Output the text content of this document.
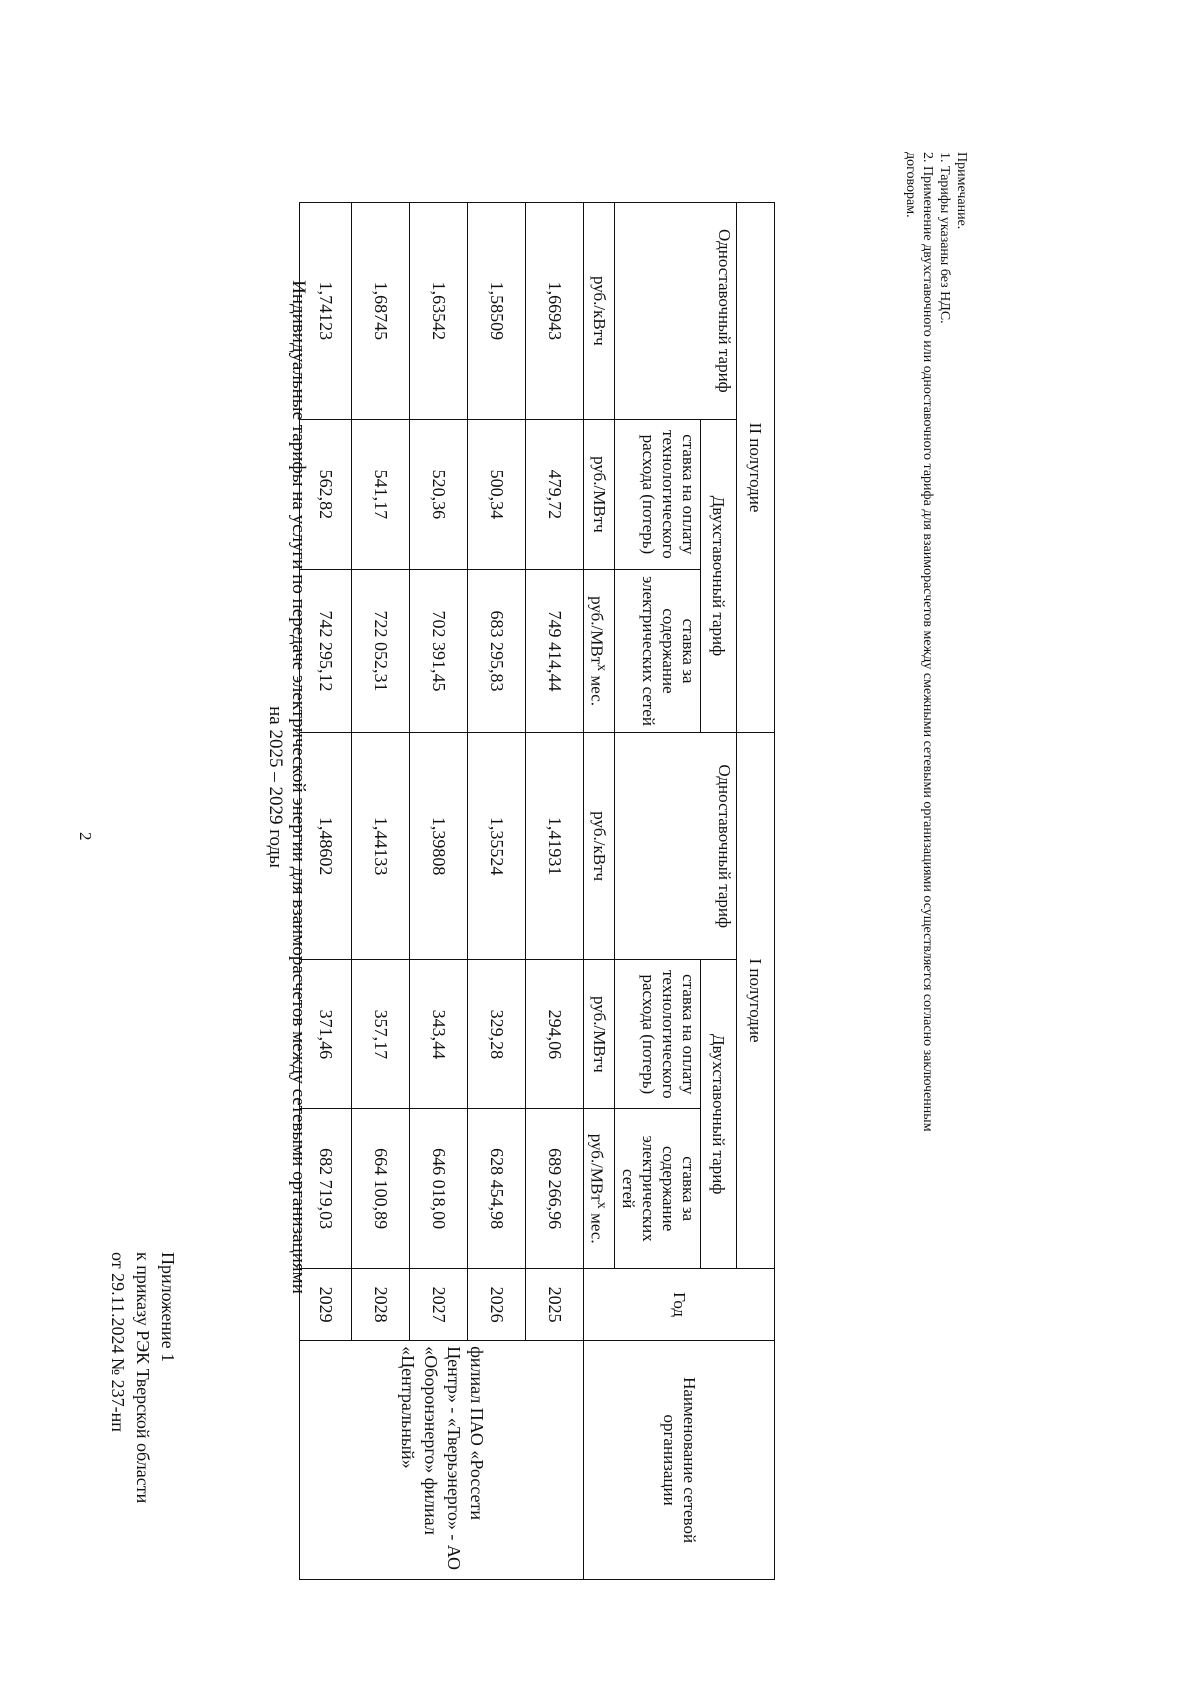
2
Приложение 1
к приказу РЭК Тверской области
от 29.11.2024 № 237-нп
Индивидуальные тарифы на услуги по передаче электрической энергии для взаиморасчетов между сетевыми организациями
на 2025 – 2029 годы
Наименование сетевой организации	Год	I полугодие			II полугодие		
		Двухставочный тариф		Одноставочный тариф	Двухставочный тариф		Одноставочный тариф
		ставка за содержание электрических сетей	ставка на оплату технологического расхода (потерь)		ставка за содержание электрических сетей	ставка на оплату технологического расхода (потерь)	
		руб./МВт$^х$ мес.	руб./МВтч	руб./кВтч	руб./МВт$^х$ мес.	руб./МВтч	руб./кВтч
филиал ПАО «Россети Центр» - «Тверьэнерго» - АО «Оборонэнерго» филиал «Центральный»	2025	689 266,96	294,06	1,41931	749 414,44	479,72	1,66943
	2026	628 454,98	329,28	1,35524	683 295,83	500,34	1,58509
	2027	646 018,00	343,44	1,39808	702 391,45	520,36	1,63542
	2028	664 100,89	357,17	1,44133	722 052,31	541,17	1,68745
	2029	682 719,03	371,46	1,48602	742 295,12	562,82	1,74123
Примечание.
1. Тарифы указаны без НДС.
2. Применение двухставочного или одноставочного тарифа для взаиморасчетов между смежными сетевыми организациями осуществляется согласно заключенным
договорам.
